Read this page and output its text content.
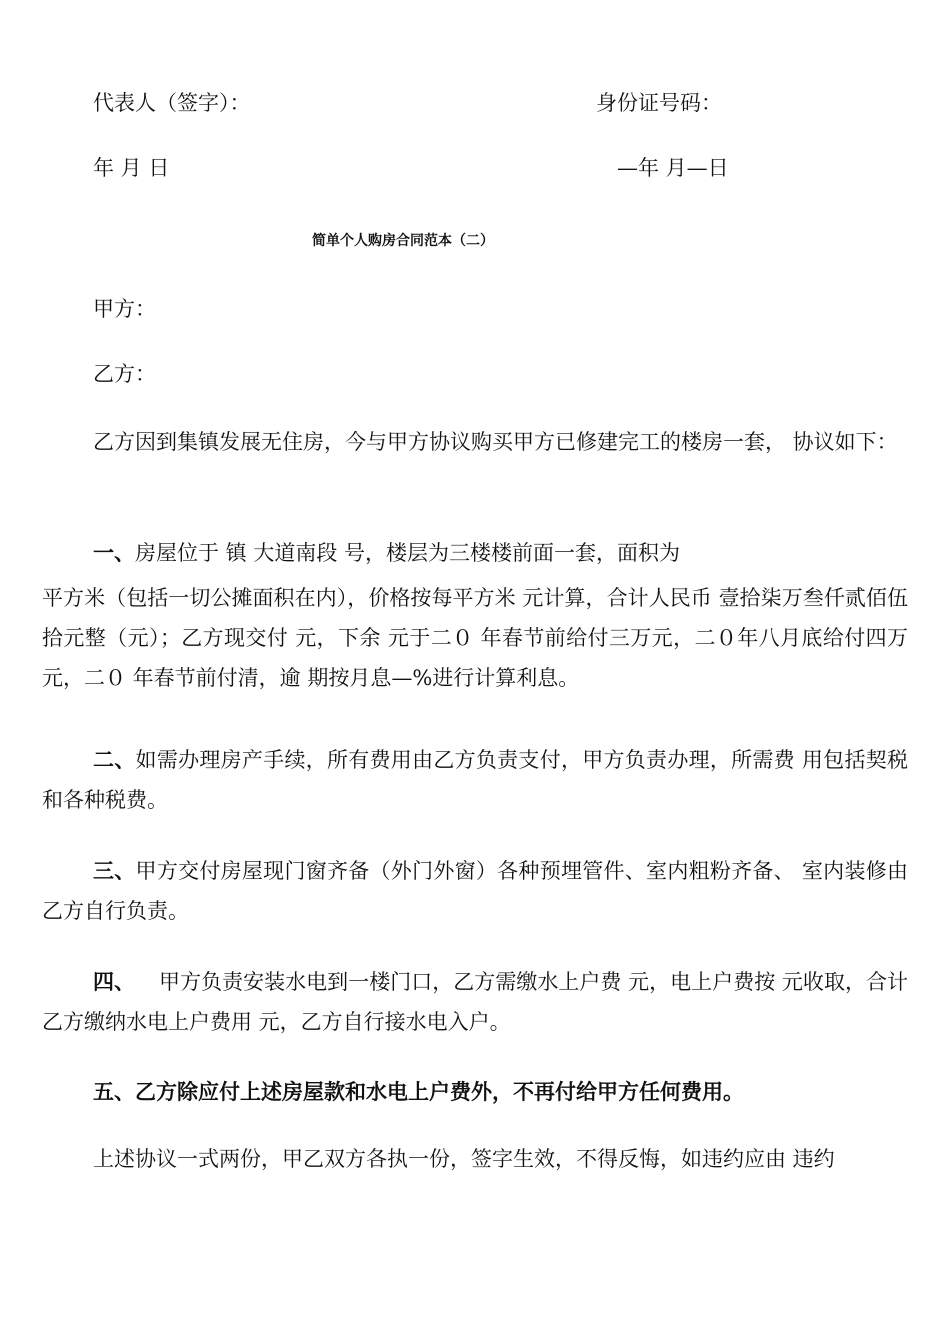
代表人（签字）：	身份证号码：
年 月 日	—年 月—日
简单个人购房合同范本（二）
甲方：
乙方：
乙方因到集镇发展无住房，今与甲方协议购买甲方已修建完工的楼房一套， 协议如下：
一、房屋位于 镇 大道南段 号，楼层为三楼楼前面一套，面积为
平方米（包括一切公摊面积在内），价格按每平方米 元计算，合计人民币 壹拾柒万叁仟贰佰伍拾元整（元）；乙方现交付 元，下余 元于二０ 年春节前给付三万元，二０年八月底给付四万元，二０ 年春节前付清，逾 期按月息—%进行计算利息。
二、如需办理房产手续，所有费用由乙方负责支付，甲方负责办理，所需费 用包括契税和各种税费。
三、甲方交付房屋现门窗齐备（外门外窗）各种预埋管件、室内粗粉齐备、 室内装修由乙方自行负责。
四、 甲方负责安装水电到一楼门口，乙方需缴水上户费 元，电上户费按 元收取，合计乙方缴纳水电上户费用 元，乙方自行接水电入户。
五、乙方除应付上述房屋款和水电上户费外，不再付给甲方任何费用。
上述协议一式两份，甲乙双方各执一份，签字生效，不得反悔，如违约应由 违约
